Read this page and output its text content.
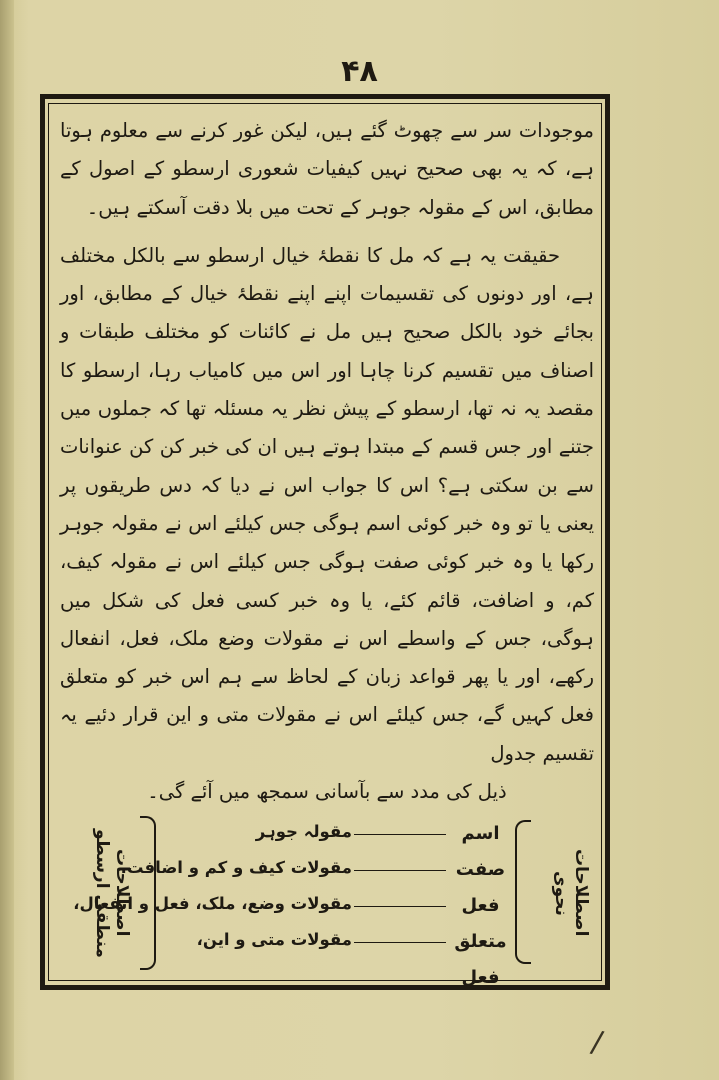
۴۸

موجودات سر سے چھوٹ گئے ہیں، لیکن غور کرنے سے معلوم ہوتا ہے، کہ یہ بھی صحیح نہیں کیفیات شعوری ارسطو کے اصول کے مطابق، اس کے مقولہ جوہر کے تحت میں بلا دقت آسکتے ہیں۔

حقیقت یہ ہے کہ مل کا نقطۂ خیال ارسطو سے بالکل مختلف ہے، اور دونوں کی تقسیمات اپنے اپنے نقطۂ خیال کے مطابق، اور بجائے خود بالکل صحیح ہیں مل نے کائنات کو مختلف طبقات و اصناف میں تقسیم کرنا چاہا اور اس میں کامیاب رہا، ارسطو کا مقصد یہ نہ تھا، ارسطو کے پیش نظر یہ مسئلہ تھا کہ جملوں میں جتنے اور جس قسم کے مبتدا ہوتے ہیں ان کی خبر کن کن عنوانات سے بن سکتی ہے؟ اس کا جواب اس نے دیا کہ دس طریقوں پر یعنی یا تو وہ خبر کوئی اسم ہوگی جس کیلئے اس نے مقولہ جوہر رکھا یا وہ خبر کوئی صفت ہوگی جس کیلئے اس نے مقولہ کیف، کم، و اضافت، قائم کئے، یا وہ خبر کسی فعل کی شکل میں ہوگی، جس کے واسطے اس نے مقولات وضع ملک، فعل، انفعال رکھے، اور یا پھر قواعد زبان کے لحاظ سے ہم اس خبر کو متعلق فعل کہیں گے، جس کیلئے اس نے مقولات متی و این قرار دئیے یہ تقسیم جدول

ذیل کی مدد سے بآسانی سمجھ میں آئے گی۔

اصطلاحات نحوی
اسم
صفت
فعل
متعلق فعل
مقولہ جوہر
مقولات کیف و کم و اضافت،
مقولات وضع، ملک، فعل و انفعال،
مقولات متی و این،
اصطلاحات منطقی ارسطو
/
